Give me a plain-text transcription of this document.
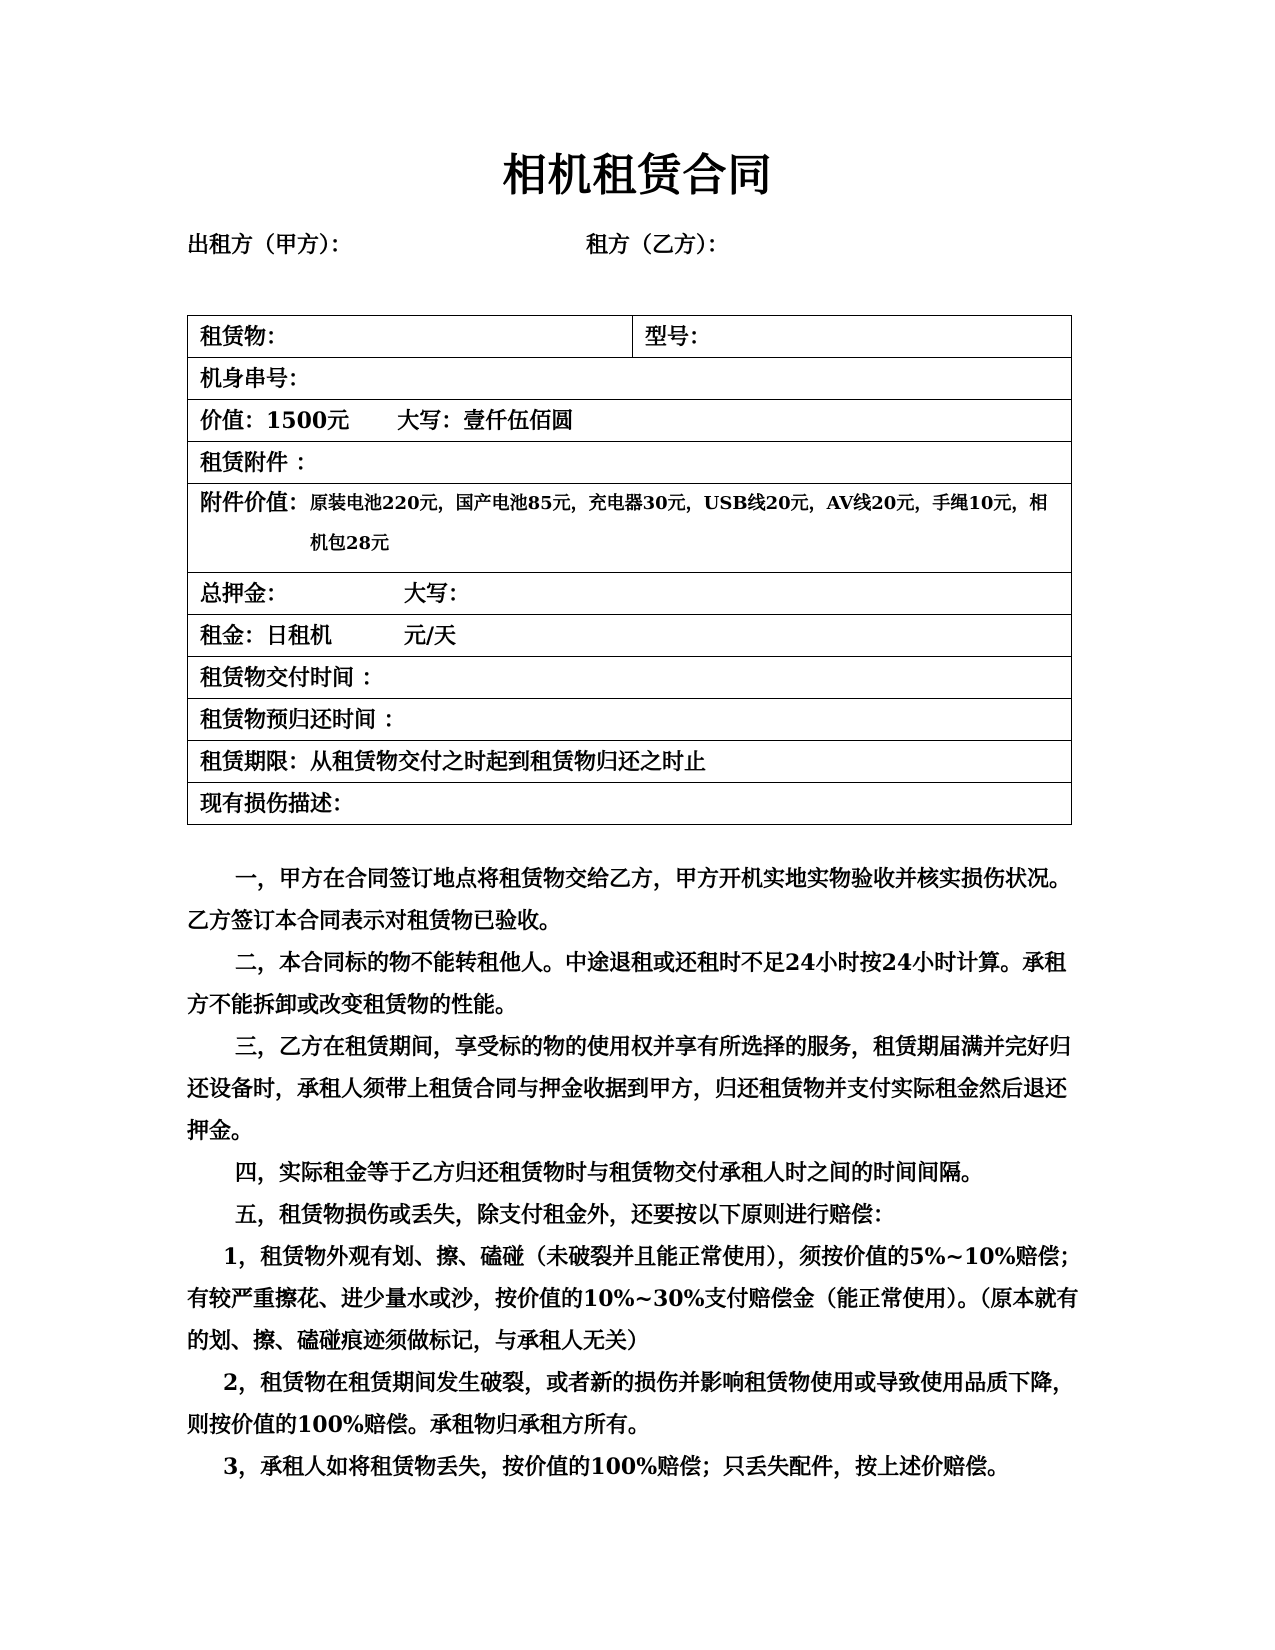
相机租赁合同
出租方（甲方）：	租方（乙方）：
租赁物：	型号：
机身串号：
价值：1500元 大写：壹仟伍佰圆
租赁附件 ：

附件价值： 原装电池220元，国产电池85元，充电器30元，USB线20元，AV线20元，手绳10元，相机包28元

总押金：	大写：
租金：日租机	元/天
租赁物交付时间 ：
租赁物预归还时间 ：
租赁期限：从租赁物交付之时起到租赁物归还之时止
现有损伤描述：

一，甲方在合同签订地点将租赁物交给乙方，甲方开机实地实物验收并核实损伤状况。乙方签订本合同表示对租赁物已验收。

二，本合同标的物不能转租他人。中途退租或还租时不足24小时按24小时计算。承租方不能拆卸或改变租赁物的性能。

三，乙方在租赁期间，享受标的物的使用权并享有所选择的服务，租赁期届满并完好归还设备时，承租人须带上租赁合同与押金收据到甲方，归还租赁物并支付实际租金然后退还押金。

四，实际租金等于乙方归还租赁物时与租赁物交付承租人时之间的时间间隔。

五，租赁物损伤或丢失，除支付租金外，还要按以下原则进行赔偿：

1，租赁物外观有划、擦、磕碰（未破裂并且能正常使用），须按价值的5%~10%赔偿；有较严重擦花、进少量水或沙，按价值的10%~30%支付赔偿金（能正常使用）。（原本就有的划、擦、磕碰痕迹须做标记，与承租人无关）

2，租赁物在租赁期间发生破裂，或者新的损伤并影响租赁物使用或导致使用品质下降，则按价值的100%赔偿。承租物归承租方所有。

3，承租人如将租赁物丢失，按价值的100%赔偿；只丢失配件，按上述价赔偿。
